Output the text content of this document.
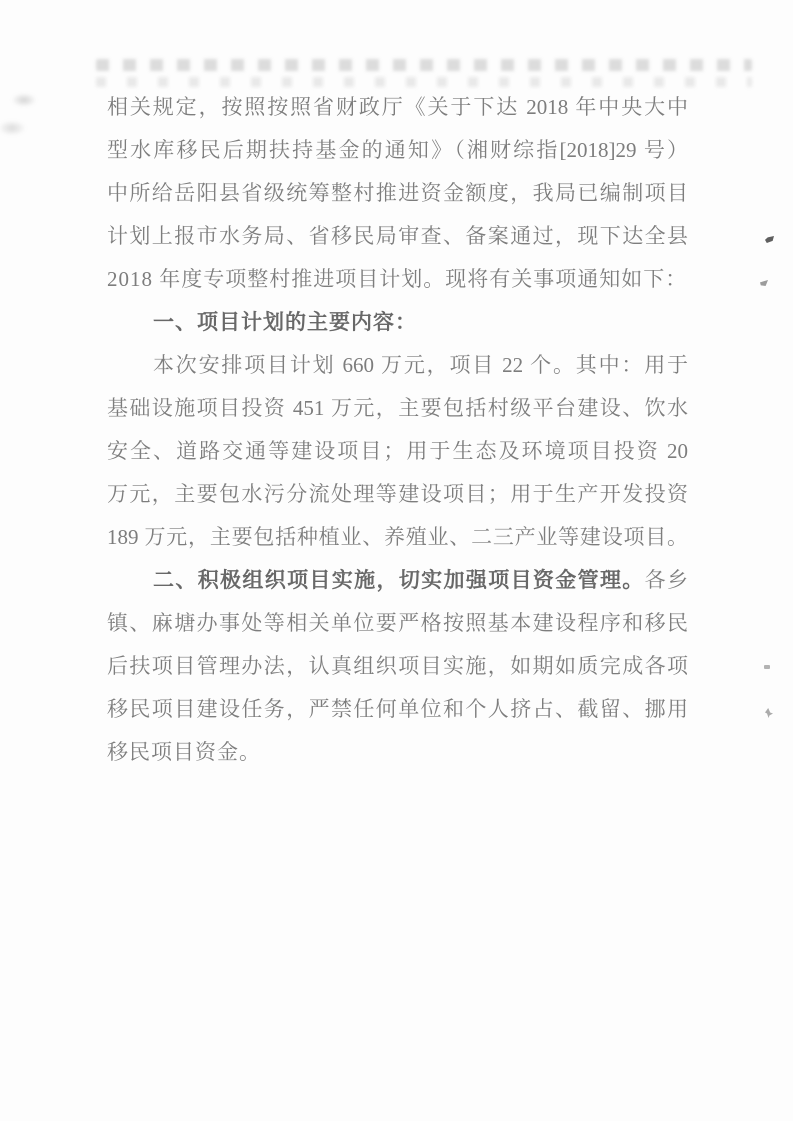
相关规定，按照按照省财政厅《关于下达 2018 年中央大中
型水库移民后期扶持基金的通知》（湘财综指[2018]29 号）
中所给岳阳县省级统筹整村推进资金额度，我局已编制项目
计划上报市水务局、省移民局审查、备案通过，现下达全县
2018 年度专项整村推进项目计划。现将有关事项通知如下：
一、项目计划的主要内容：
本次安排项目计划 660 万元，项目 22 个。其中：用于
基础设施项目投资 451 万元，主要包括村级平台建设、饮水
安全、道路交通等建设项目；用于生态及环境项目投资 20
万元，主要包水污分流处理等建设项目；用于生产开发投资
189 万元，主要包括种植业、养殖业、二三产业等建设项目。
二、积极组织项目实施，切实加强项目资金管理。各乡
镇、麻塘办事处等相关单位要严格按照基本建设程序和移民
后扶项目管理办法，认真组织项目实施，如期如质完成各项
移民项目建设任务，严禁任何单位和个人挤占、截留、挪用
移民项目资金。
